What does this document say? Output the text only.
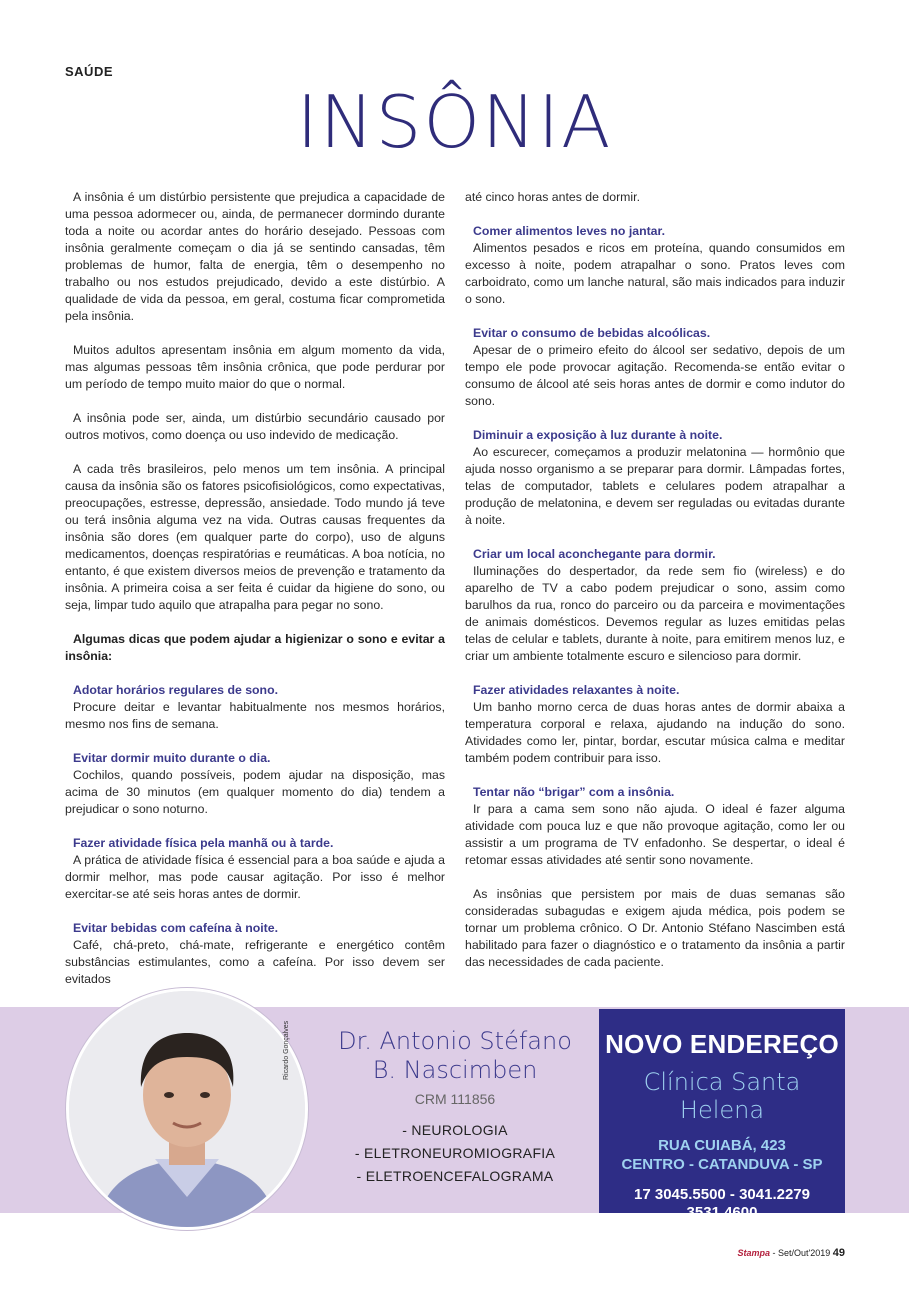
SAÚDE
INSÔNIA

A insônia é um distúrbio persistente que prejudica a capacidade de uma pessoa adormecer ou, ainda, de permanecer dormindo durante toda a noite ou acordar antes do horário desejado. Pessoas com insônia geralmente começam o dia já se sentindo cansadas, têm problemas de humor, falta de energia, têm o desempenho no trabalho ou nos estudos prejudicado, devido a este distúrbio. A qualidade de vida da pessoa, em geral, costuma ficar comprometida pela insônia.

Muitos adultos apresentam insônia em algum momento da vida, mas algumas pessoas têm insônia crônica, que pode perdurar por um período de tempo muito maior do que o normal.

A insônia pode ser, ainda, um distúrbio secundário causado por outros motivos, como doença ou uso indevido de medicação.

A cada três brasileiros, pelo menos um tem insônia. A principal causa da insônia são os fatores psicofisiológicos, como expectativas, preocupações, estresse, depressão, ansiedade. Todo mundo já teve ou terá insônia alguma vez na vida. Outras causas frequentes da insônia são dores (em qualquer parte do corpo), uso de alguns medicamentos, doenças respiratórias e reumáticas. A boa notícia, no entanto, é que existem diversos meios de prevenção e tratamento da insônia. A primeira coisa a ser feita é cuidar da higiene do sono, ou seja, limpar tudo aquilo que atrapalha para pegar no sono.

Algumas dicas que podem ajudar a higienizar o sono e evitar a insônia:

Adotar horários regulares de sono.
Procure deitar e levantar habitualmente nos mesmos horários, mesmo nos fins de semana.
Evitar dormir muito durante o dia.
Cochilos, quando possíveis, podem ajudar na disposição, mas acima de 30 minutos (em qualquer momento do dia) tendem a prejudicar o sono noturno.
Fazer atividade física pela manhã ou à tarde.
A prática de atividade física é essencial para a boa saúde e ajuda a dormir melhor, mas pode causar agitação. Por isso é melhor exercitar-se até seis horas antes de dormir.
Evitar bebidas com cafeína à noite.
Café, chá-preto, chá-mate, refrigerante e energético contêm substâncias estimulantes, como a cafeína. Por isso devem ser evitados

até cinco horas antes de dormir.

Comer alimentos leves no jantar.
Alimentos pesados e ricos em proteína, quando consumidos em excesso à noite, podem atrapalhar o sono. Pratos leves com carboidrato, como um lanche natural, são mais indicados para induzir o sono.
Evitar o consumo de bebidas alcoólicas.
Apesar de o primeiro efeito do álcool ser sedativo, depois de um tempo ele pode provocar agitação. Recomenda-se então evitar o consumo de álcool até seis horas antes de dormir e como indutor do sono.
Diminuir a exposição à luz durante à noite.
Ao escurecer, começamos a produzir melatonina — hormônio que ajuda nosso organismo a se preparar para dormir. Lâmpadas fortes, telas de computador, tablets e celulares podem atrapalhar a produção de melatonina, e devem ser reguladas ou evitadas durante à noite.
Criar um local aconchegante para dormir.
Iluminações do despertador, da rede sem fio (wireless) e do aparelho de TV a cabo podem prejudicar o sono, assim como barulhos da rua, ronco do parceiro ou da parceira e movimentações de animais domésticos. Devemos regular as luzes emitidas pelas telas de celular e tablets, durante à noite, para emitirem menos luz, e criar um ambiente totalmente escuro e silencioso para dormir.
Fazer atividades relaxantes à noite.
Um banho morno cerca de duas horas antes de dormir abaixa a temperatura corporal e relaxa, ajudando na indução do sono. Atividades como ler, pintar, bordar, escutar música calma e meditar também podem contribuir para isso.
Tentar não “brigar” com a insônia.
Ir para a cama sem sono não ajuda. O ideal é fazer alguma atividade com pouca luz e que não provoque agitação, como ler ou assistir a um programa de TV enfadonho. Se despertar, o ideal é retomar essas atividades até sentir sono novamente.

As insônias que persistem por mais de duas semanas são consideradas subagudas e exigem ajuda médica, pois podem se tornar um problema crônico. O Dr. Antonio Stéfano Nascimben está habilitado para fazer o diagnóstico e o tratamento da insônia a partir das necessidades de cada paciente.

Ricardo Gonçalves	Dr. Antonio Stéfano
B. Nascimben
CRM 111856
- NEUROLOGIA
- ELETRONEUROMIOGRAFIA
- ELETROENCEFALOGRAMA
NOVO ENDEREÇO
Clínica Santa Helena
RUA CUIABÁ, 423
CENTRO - CATANDUVA - SP
17 3045.5500 - 3041.2279
3531.4600
Stampa - Set/Out'2019 49
